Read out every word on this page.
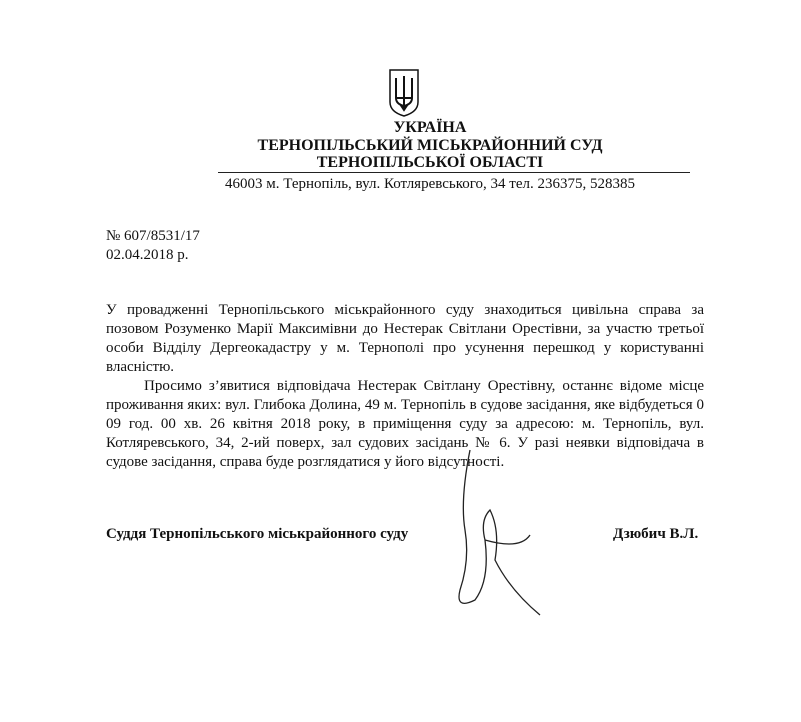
УКРАЇНА
ТЕРНОПІЛЬСЬКИЙ МІСЬКРАЙОННИЙ СУД
ТЕРНОПІЛЬСЬКОЇ ОБЛАСТІ
46003 м. Тернопіль, вул. Котляревського, 34 тел. 236375, 528385
№ 607/8531/17
02.04.2018 р.

У провадженні Тернопільського міськрайонного суду знаходиться цивільна справа за позовом Розуменко Марії Максимівни до Нестерак Світлани Орестівни, за участю третьої особи Відділу Дергеокадастру у м. Тернополі про усунення перешкод у користуванні власністю.

Просимо з’явитися відповідача Нестерак Світлану Орестівну, останнє відоме місце проживання яких: вул. Глибока Долина, 49 м. Тернопіль в судове засідання, яке відбудеться 0 09 год. 00 хв. 26 квітня 2018 року, в приміщення суду за адресою: м. Тернопіль, вул. Котляревського, 34, 2-ий поверх, зал судових засідань № 6. У разі неявки відповідача в судове засідання, справа буде розглядатися у його відсутності.

Суддя Тернопільського міськрайонного суду	Дзюбич В.Л.
